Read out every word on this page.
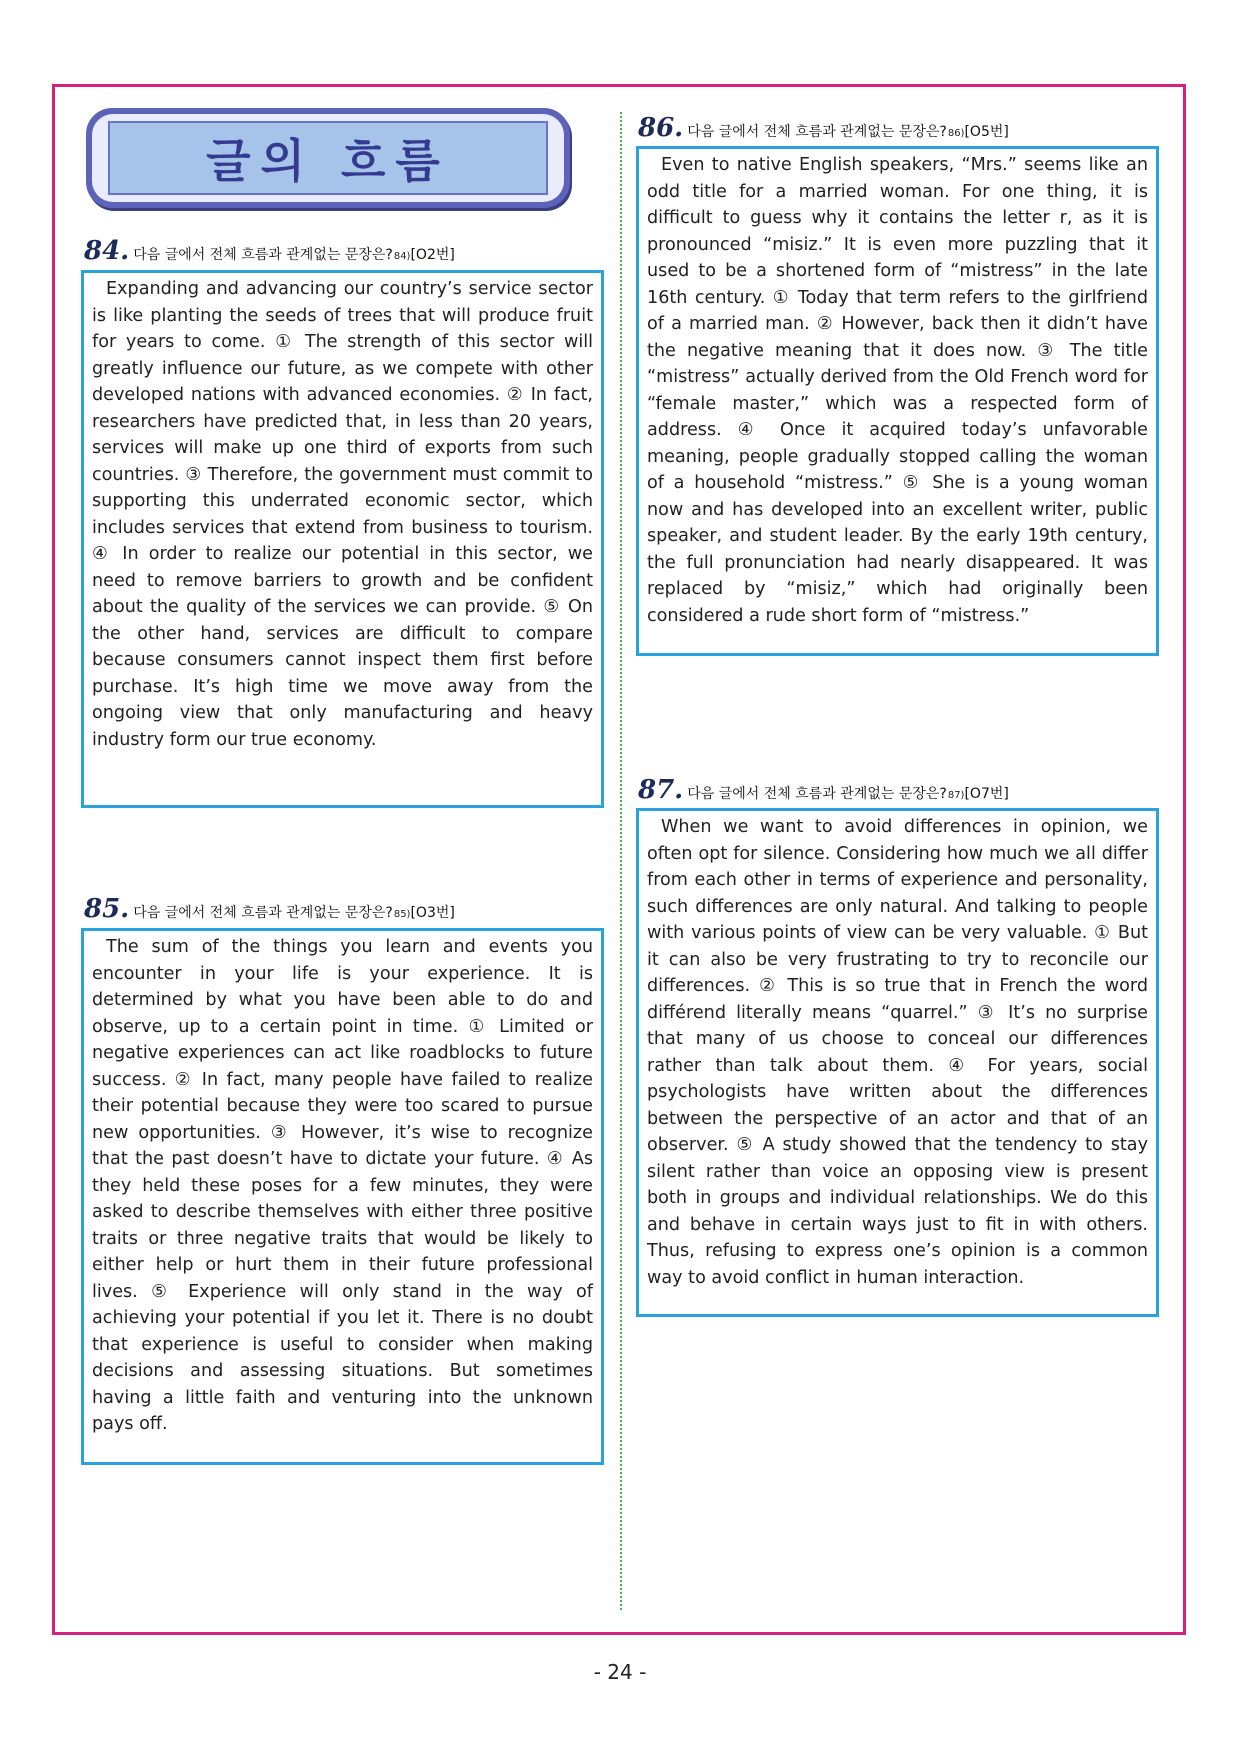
글의 흐름
84. 다음 글에서 전체 흐름과 관계없는 문장은? 84) [O2번]
Expanding and advancing our country’s service sector is like planting the seeds of trees that will produce fruit for years to come. ① The strength of this sector will greatly influence our future, as we compete with other developed nations with advanced economies. ② In fact, researchers have predicted that, in less than 20 years, services will make up one third of exports from such countries. ③ Therefore, the government must commit to supporting this underrated economic sector, which includes services that extend from business to tourism. ④ In order to realize our potential in this sector, we need to remove barriers to growth and be confident about the quality of the services we can provide. ⑤ On the other hand, services are difficult to compare because consumers cannot inspect them first before purchase. It’s high time we move away from the ongoing view that only manufacturing and heavy industry form our true economy.
85. 다음 글에서 전체 흐름과 관계없는 문장은? 85) [O3번]
The sum of the things you learn and events you encounter in your life is your experience. It is determined by what you have been able to do and observe, up to a certain point in time. ① Limited or negative experiences can act like roadblocks to future success. ② In fact, many people have failed to realize their potential because they were too scared to pursue new opportunities. ③ However, it’s wise to recognize that the past doesn’t have to dictate your future. ④ As they held these poses for a few minutes, they were asked to describe themselves with either three positive traits or three negative traits that would be likely to either help or hurt them in their future professional lives. ⑤ Experience will only stand in the way of achieving your potential if you let it. There is no doubt that experience is useful to consider when making decisions and assessing situations. But sometimes having a little faith and venturing into the unknown pays off.
86. 다음 글에서 전체 흐름과 관계없는 문장은? 86) [O5번]
Even to native English speakers, “Mrs.” seems like an odd title for a married woman. For one thing, it is difficult to guess why it contains the letter r, as it is pronounced “misiz.” It is even more puzzling that it used to be a shortened form of “mistress” in the late 16th century. ① Today that term refers to the girlfriend of a married man. ② However, back then it didn’t have the negative meaning that it does now. ③ The title “mistress” actually derived from the Old French word for “female master,” which was a respected form of address. ④ Once it acquired today’s unfavorable meaning, people gradually stopped calling the woman of a household “mistress.” ⑤ She is a young woman now and has developed into an excellent writer, public speaker, and student leader. By the early 19th century, the full pronunciation had nearly disappeared. It was replaced by “misiz,” which had originally been considered a rude short form of “mistress.”
87. 다음 글에서 전체 흐름과 관계없는 문장은? 87) [O7번]
When we want to avoid differences in opinion, we often opt for silence. Considering how much we all differ from each other in terms of experience and personality, such differences are only natural. And talking to people with various points of view can be very valuable. ① But it can also be very frustrating to try to reconcile our differences. ② This is so true that in French the word différend literally means “quarrel.” ③ It’s no surprise that many of us choose to conceal our differences rather than talk about them. ④ For years, social psychologists have written about the differences between the perspective of an actor and that of an observer. ⑤ A study showed that the tendency to stay silent rather than voice an opposing view is present both in groups and individual relationships. We do this and behave in certain ways just to fit in with others. Thus, refusing to express one’s opinion is a common way to avoid conflict in human interaction.
- 24 -
